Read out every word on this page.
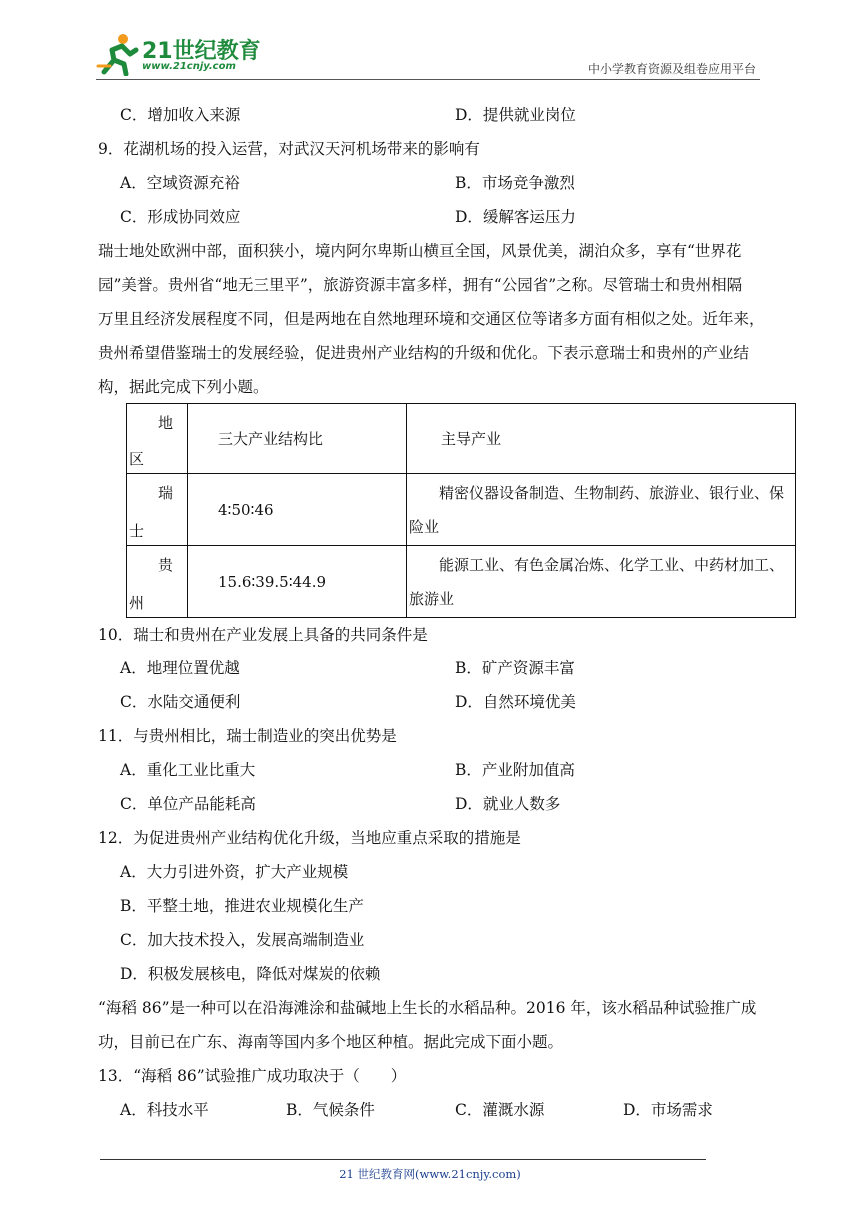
21世纪教育
www.21cnjy.com	中小学教育资源及组卷应用平台
C．增加收入来源	D．提供就业岗位
9．花湖机场的投入运营，对武汉天河机场带来的影响有
A．空域资源充裕	B．市场竞争激烈
C．形成协同效应	D．缓解客运压力
瑞士地处欧洲中部，面积狭小，境内阿尔卑斯山横亘全国，风景优美，湖泊众多，享有“世界花
园”美誉。贵州省“地无三里平”，旅游资源丰富多样，拥有“公园省”之称。尽管瑞士和贵州相隔
万里且经济发展程度不同，但是两地在自然地理环境和交通区位等诸多方面有相似之处。近年来，
贵州希望借鉴瑞士的发展经验，促进贵州产业结构的升级和优化。下表示意瑞士和贵州的产业结
构，据此完成下列小题。
地
区	三大产业结构比	主导产业

瑞
士	4∶50∶46	精密仪器设备制造、生物制药、旅游业、银行业、保险业

贵
州	15.6∶39.5∶44.9	能源工业、有色金属冶炼、化学工业、中药材加工、旅游业
10．瑞士和贵州在产业发展上具备的共同条件是
A．地理位置优越	B．矿产资源丰富
C．水陆交通便利	D．自然环境优美
11．与贵州相比，瑞士制造业的突出优势是
A．重化工业比重大	B．产业附加值高
C．单位产品能耗高	D．就业人数多
12．为促进贵州产业结构优化升级，当地应重点采取的措施是
A．大力引进外资，扩大产业规模
B．平整土地，推进农业规模化生产
C．加大技术投入，发展高端制造业
D．积极发展核电，降低对煤炭的依赖
“海稻 86”是一种可以在沿海滩涂和盐碱地上生长的水稻品种。2016 年，该水稻品种试验推广成
功，目前已在广东、海南等国内多个地区种植。据此完成下面小题。
13．“海稻 86”试验推广成功取决于（　　）
A．科技水平	B．气候条件	C．灌溉水源	D．市场需求
21 世纪教育网(www.21cnjy.com)
